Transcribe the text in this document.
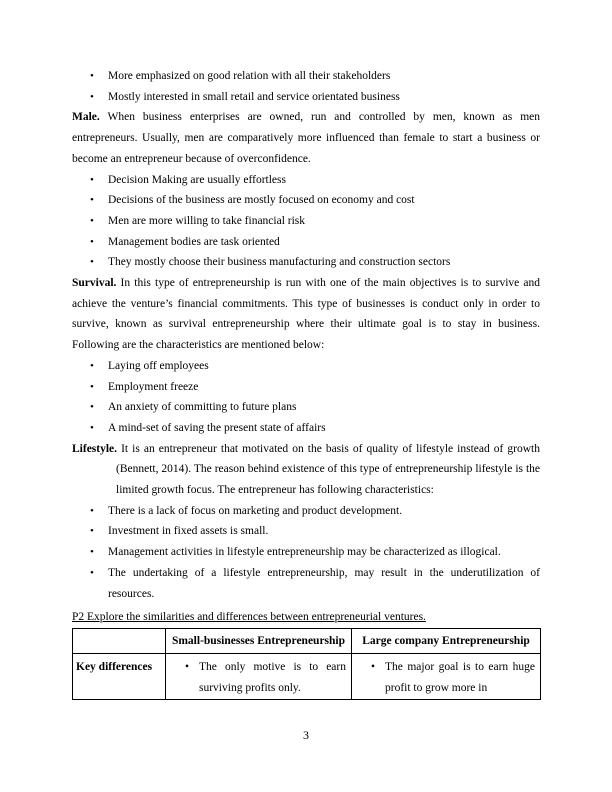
• More emphasized on good relation with all their stakeholders
• Mostly interested in small retail and service orientated business

Male. When business enterprises are owned, run and controlled by men, known as men entrepreneurs. Usually, men are comparatively more influenced than female to start a business or become an entrepreneur because of overconfidence.

• Decision Making are usually effortless
• Decisions of the business are mostly focused on economy and cost
• Men are more willing to take financial risk
• Management bodies are task oriented
• They mostly choose their business manufacturing and construction sectors

Survival. In this type of entrepreneurship is run with one of the main objectives is to survive and achieve the venture’s financial commitments. This type of businesses is conduct only in order to survive, known as survival entrepreneurship where their ultimate goal is to stay in business. Following are the characteristics are mentioned below:

• Laying off employees
• Employment freeze
• An anxiety of committing to future plans
• A mind-set of saving the present state of affairs

Lifestyle. It is an entrepreneur that motivated on the basis of quality of lifestyle instead of growth (Bennett, 2014). The reason behind existence of this type of entrepreneurship lifestyle is the limited growth focus. The entrepreneur has following characteristics:

• There is a lack of focus on marketing and product development.
• Investment in fixed assets is small.
• Management activities in lifestyle entrepreneurship may be characterized as illogical.
• The undertaking of a lifestyle entrepreneurship, may result in the underutilization of resources.

P2 Explore the similarities and differences between entrepreneurial ventures.

	Small-businesses Entrepreneurship	Large company Entrepreneurship
Key differences	• The only motive is to earn surviving profits only.	• The major goal is to earn huge profit to grow more in
3
